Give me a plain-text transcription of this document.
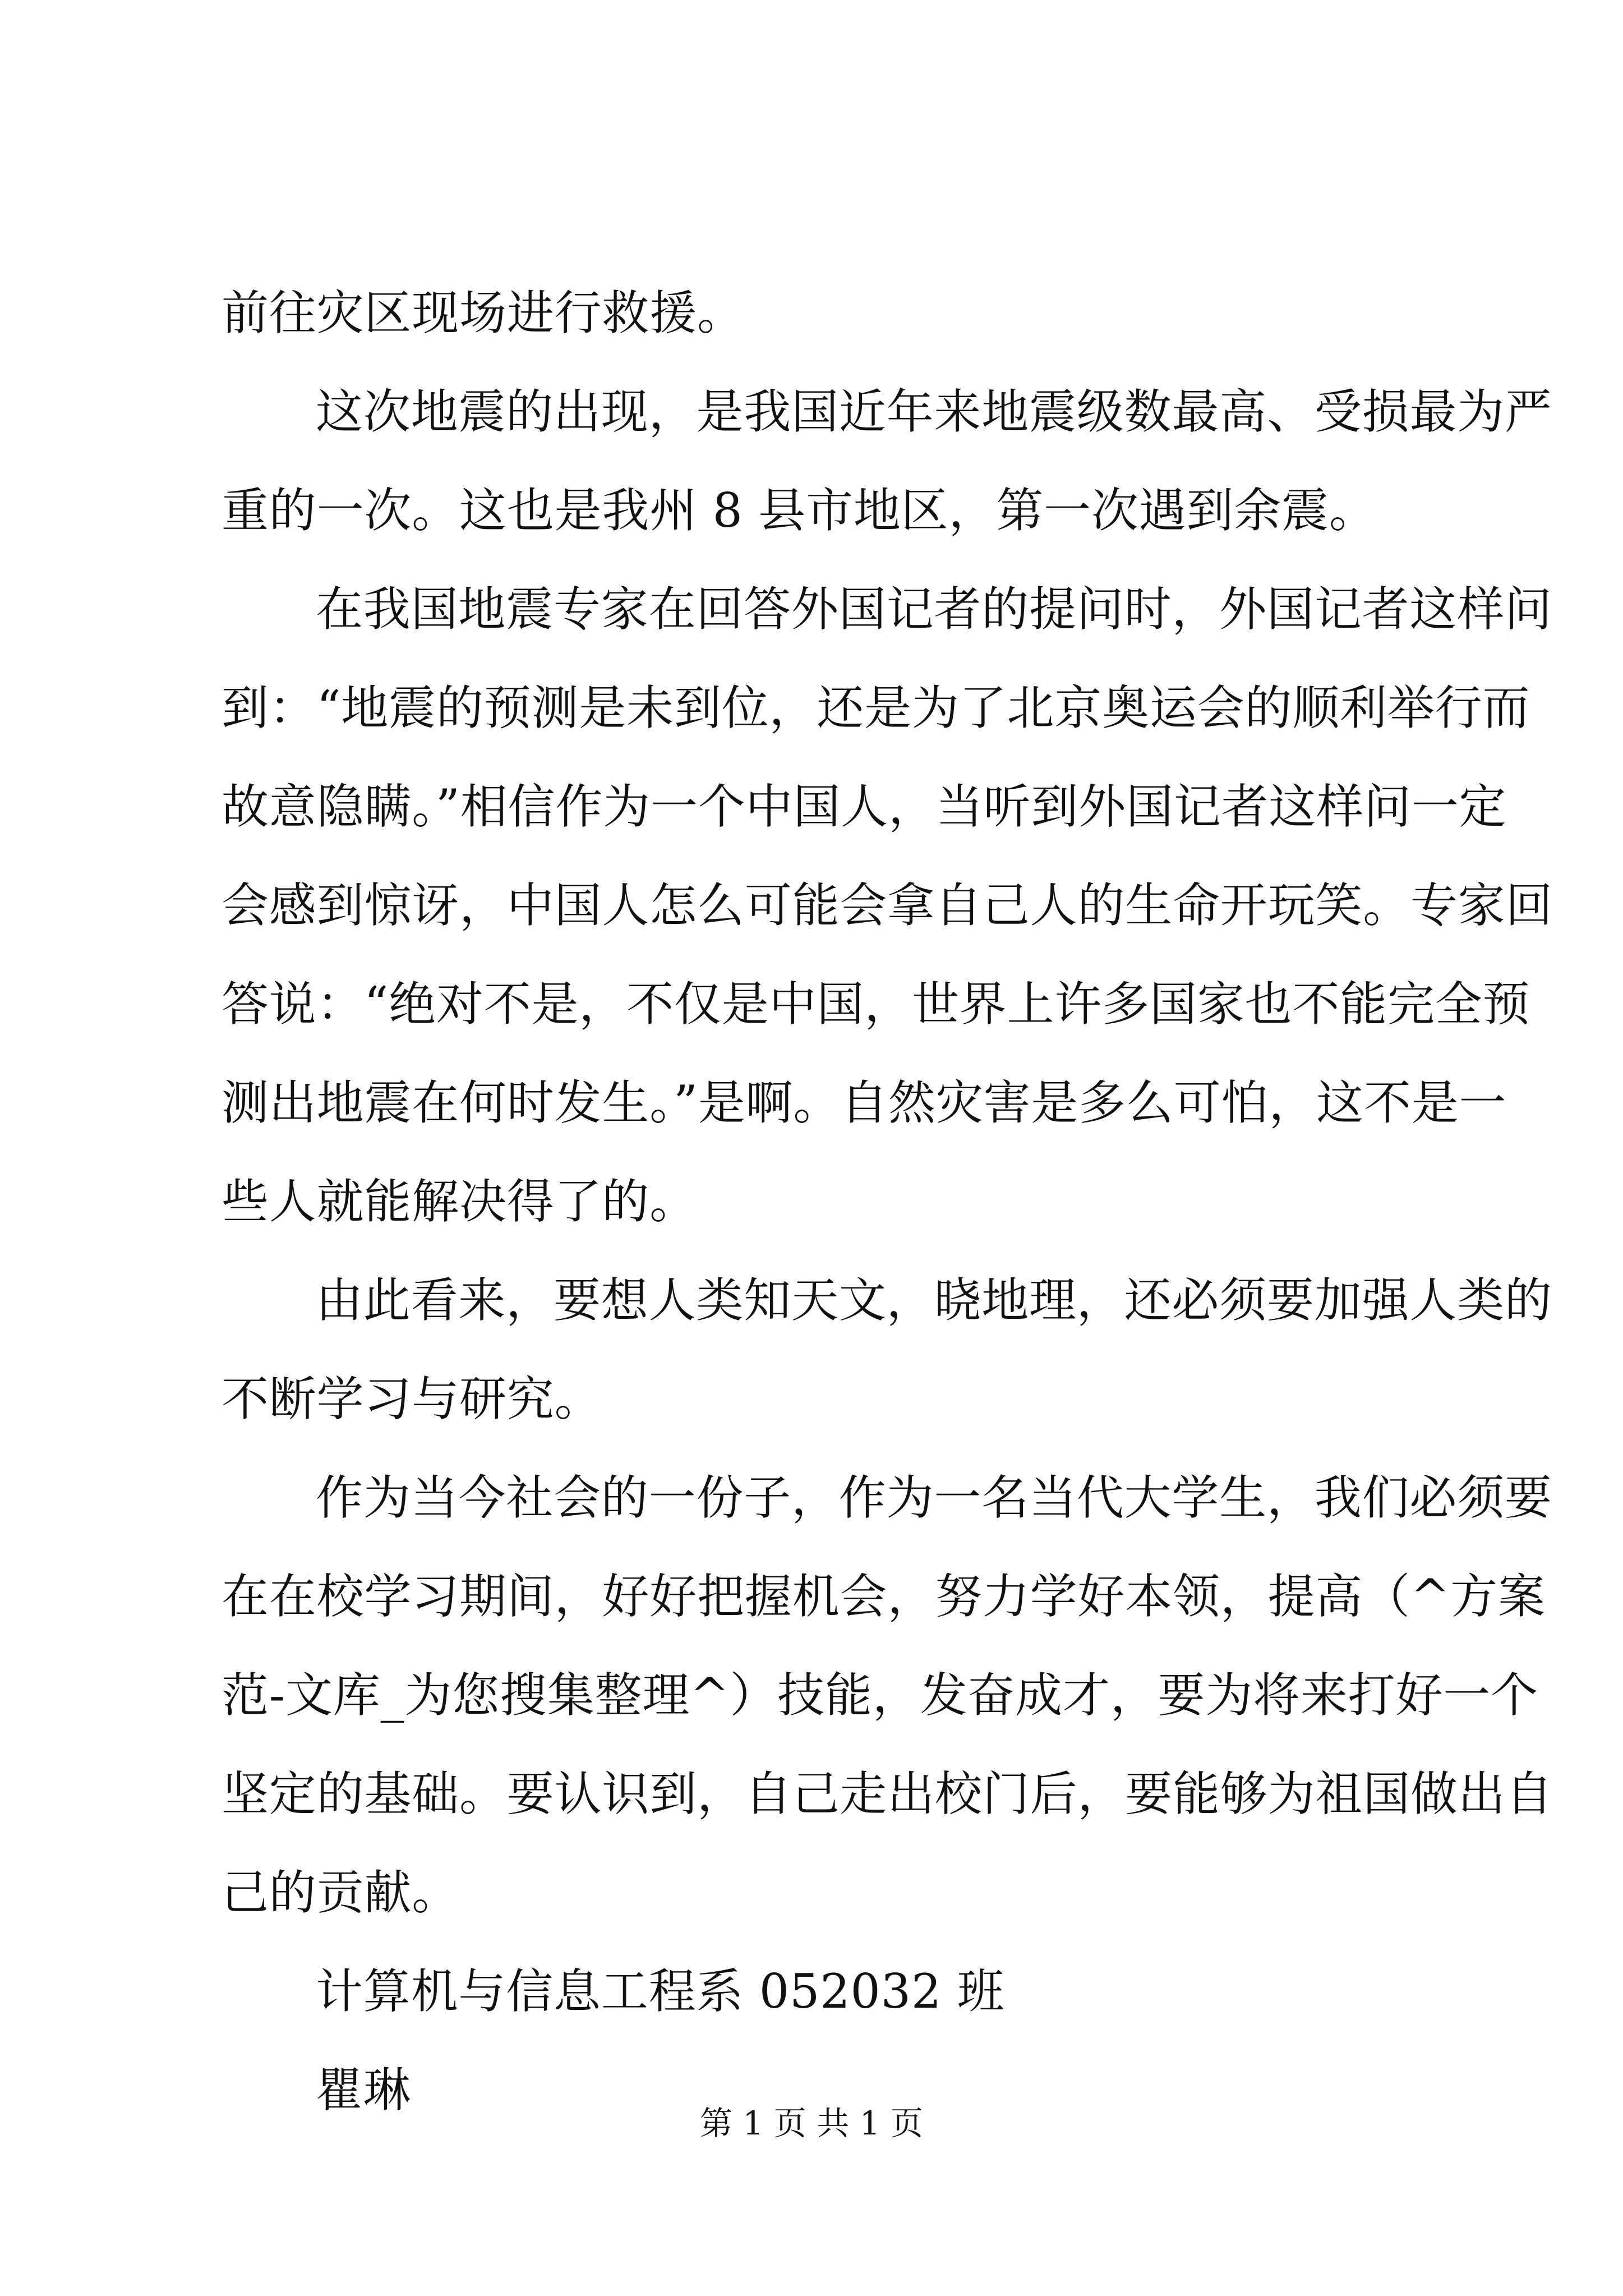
前往灾区现场进行救援。
这次地震的出现，是我国近年来地震级数最高、受损最为严
重的一次。这也是我州 8 县市地区，第一次遇到余震。
在我国地震专家在回答外国记者的提问时，外国记者这样问
到：“地震的预测是未到位，还是为了北京奥运会的顺利举行而
故意隐瞒。”相信作为一个中国人，当听到外国记者这样问一定
会感到惊讶，中国人怎么可能会拿自己人的生命开玩笑。专家回
答说：“绝对不是，不仅是中国，世界上许多国家也不能完全预
测出地震在何时发生。”是啊。自然灾害是多么可怕，这不是一
些人就能解决得了的。
由此看来，要想人类知天文，晓地理，还必须要加强人类的
不断学习与研究。
作为当今社会的一份子，作为一名当代大学生，我们必须要
在在校学习期间，好好把握机会，努力学好本领，提高（^方案
范-文库_为您搜集整理^）技能，发奋成才，要为将来打好一个
坚定的基础。要认识到，自己走出校门后，要能够为祖国做出自
己的贡献。
计算机与信息工程系 052032 班
瞿琳
第 1 页 共 1 页
